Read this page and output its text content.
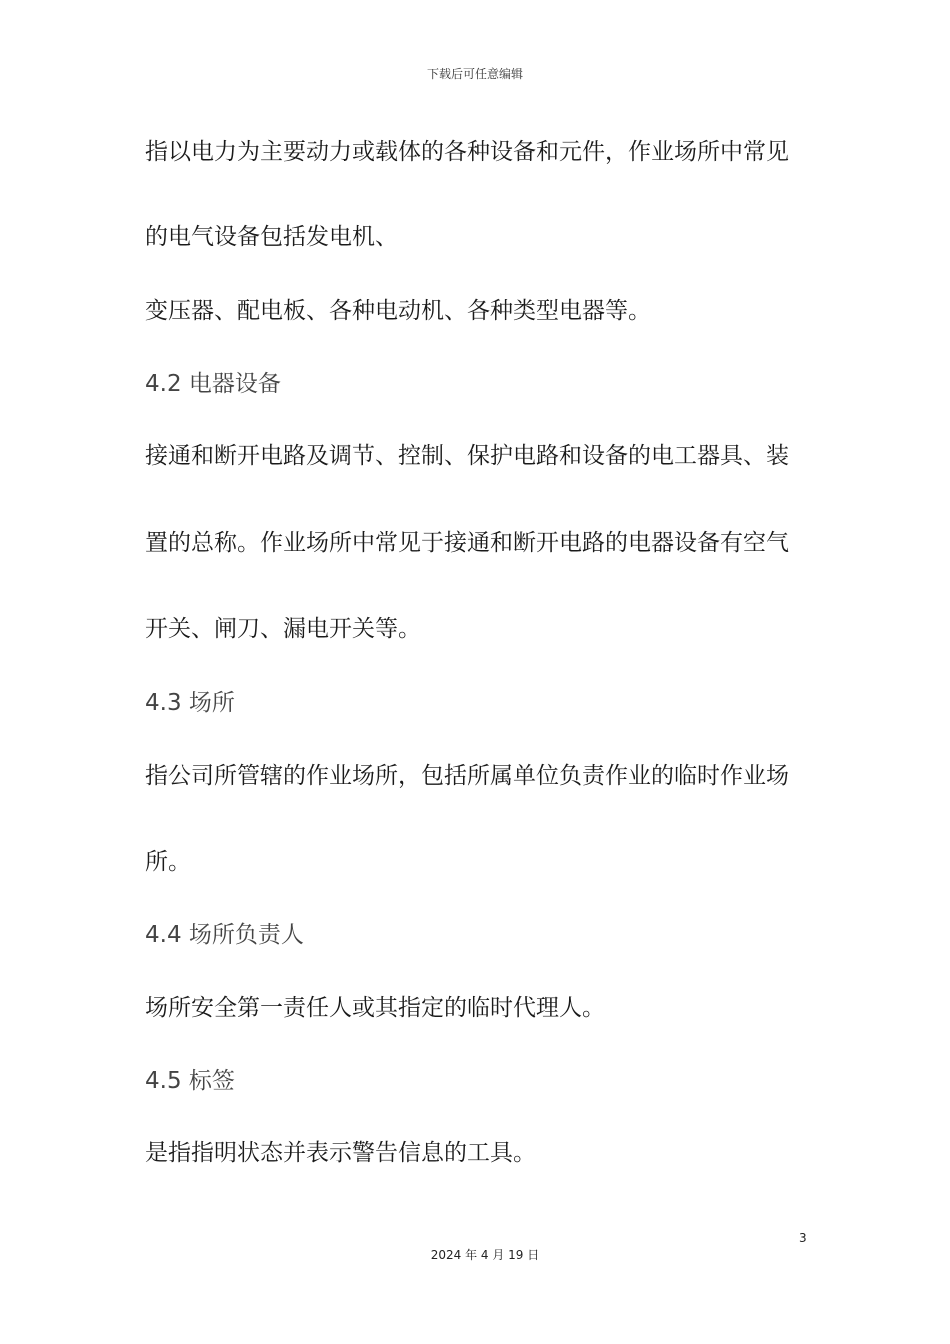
下载后可任意编辑
指以电力为主要动力或载体的各种设备和元件，作业场所中常见
的电气设备包括发电机、
变压器、配电板、各种电动机、各种类型电器等。
4.2 电器设备
接通和断开电路及调节、控制、保护电路和设备的电工器具、装
置的总称。作业场所中常见于接通和断开电路的电器设备有空气
开关、闸刀、漏电开关等。
4.3 场所
指公司所管辖的作业场所，包括所属单位负责作业的临时作业场
所。
4.4 场所负责人
场所安全第一责任人或其指定的临时代理人。
4.5 标签
是指指明状态并表示警告信息的工具。
3
2024 年 4 月 19 日
